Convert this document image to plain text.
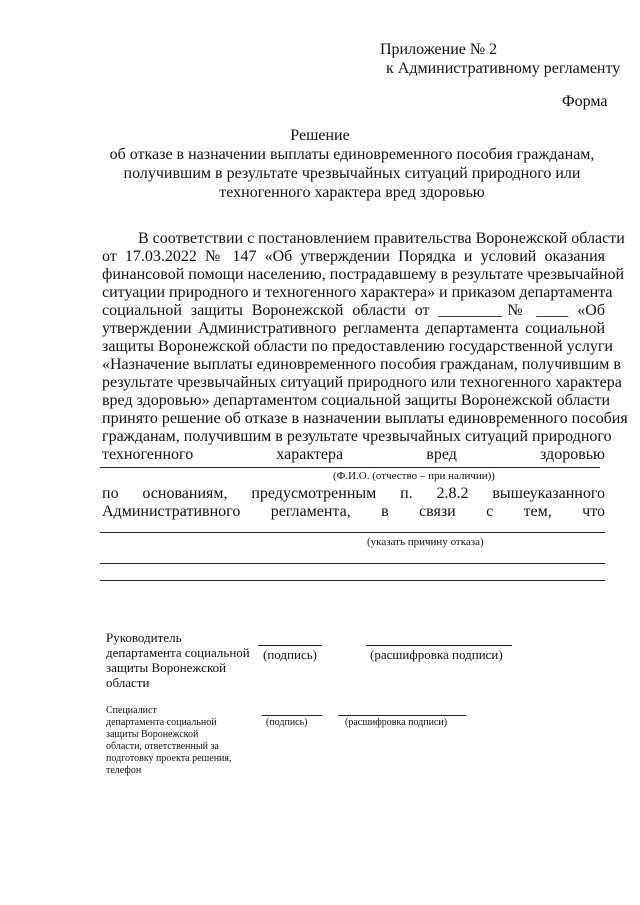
Приложение № 2
к Административному регламенту
Форма
Решение
об отказе в назначении выплаты единовременного пособия гражданам,
получившим в результате чрезвычайных ситуаций природного или
техногенного характера вред здоровью
В соответствии с постановлением правительства Воронежской области
от 17.03.2022 № 147 «Об утверждении Порядка и условий оказания
финансовой помощи населению, пострадавшему в результате чрезвычайной
ситуации природного и техногенного характера» и приказом департамента
социальной защиты Воронежской области от ________№ ____ «Об
утверждении Административного регламента департамента социальной
защиты Воронежской области по предоставлению государственной услуги
«Назначение выплаты единовременного пособия гражданам, получившим в
результате чрезвычайных ситуаций природного или техногенного характера
вред здоровью» департаментом социальной защиты Воронежской области
принято решение об отказе в назначении выплаты единовременного пособия
гражданам, получившим в результате чрезвычайных ситуаций природного
техногенного характера вред здоровью
(Ф.И.О. (отчество – при наличии))
по основаниям, предусмотренным п. 2.8.2 вышеуказанного
Административного регламента, в связи с тем, что
(указать причину отказа)
Руководитель
департамента социальной
защиты Воронежской
области
(подпись)	(расшифровка подписи)
Специалист
департамента социальной
защиты Воронежской
области, ответственный за
подготовку проекта решения,
телефон
(подпись)	(расшифровка подписи)
